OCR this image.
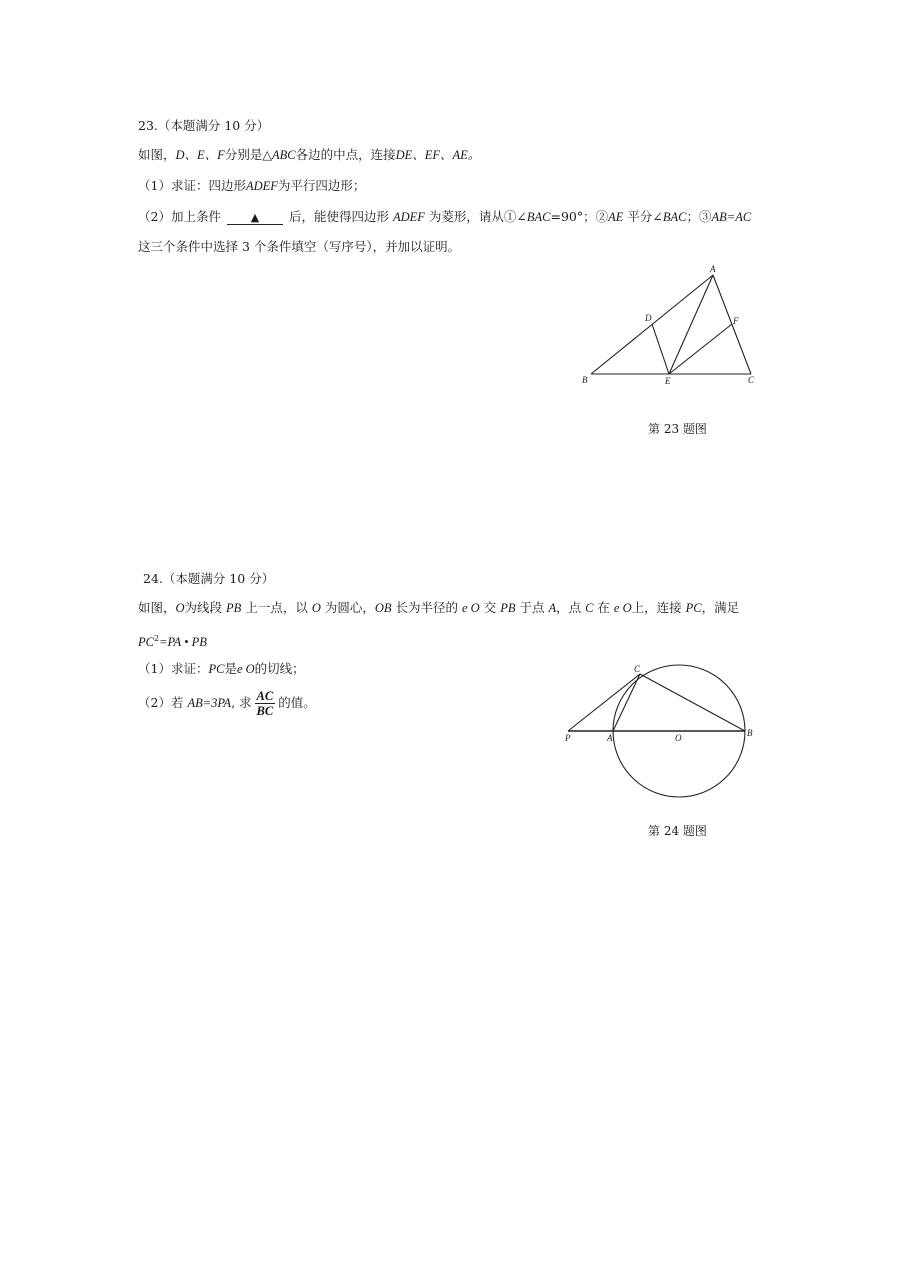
23.（本题满分 10 分）
如图，D、E、F分别是△ABC各边的中点，连接DE、EF、AE。
（1）求证：四边形ADEF为平行四边形；
（2）加上条件	▲ 后，能使得四边形 ADEF 为菱形，请从①∠BAC=90°；②AE 平分∠BAC；③AB=AC
这三个条件中选择 3 个条件填空（写序号），并加以证明。
A
B	C
D
E
F
第 23 题图
24.（本题满分 10 分）
如图，O为线段 PB 上一点，以 O 为圆心，OB 长为半径的 e O 交 PB 于点 A，点 C 在 e O上，连接 PC，满足
$PC^2=PA$ • PB
（1）求证：PC是e O的切线；
（2）若 AB=3PA, 求 $\frac{AC}{BC}$ 的值。
P	A	O	B
C
第 24 题图
